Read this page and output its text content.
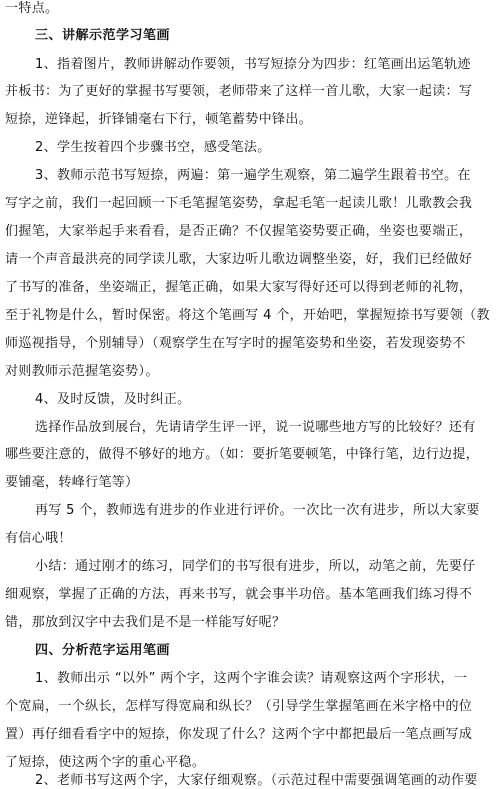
一特点。
三、讲解示范学习笔画
1、指着图片，教师讲解动作要领，书写短捺分为四步：红笔画出运笔轨迹
并板书：为了更好的掌握书写要领，老师带来了这样一首儿歌，大家一起读：写
短捺，逆锋起，折锋铺毫右下行，顿笔蓄势中锋出。
2、学生按着四个步骤书空，感受笔法。
3、教师示范书写短捺，两遍：第一遍学生观察，第二遍学生跟着书空。在
写字之前，我们一起回顾一下毛笔握笔姿势，拿起毛笔一起读儿歌！儿歌教会我
们握笔，大家举起手来看看，是否正确？不仅握笔姿势要正确，坐姿也要端正，
请一个声音最洪亮的同学读儿歌，大家边听儿歌边调整坐姿，好，我们已经做好
了书写的准备，坐姿端正，握笔正确，如果大家写得好还可以得到老师的礼物，
至于礼物是什么，暂时保密。将这个笔画写 4 个，开始吧，掌握短捺书写要领（教
师巡视指导，个别辅导）（观察学生在写字时的握笔姿势和坐姿，若发现姿势不
对则教师示范握笔姿势）。
4、及时反馈，及时纠正。
选择作品放到展台，先请请学生评一评，说一说哪些地方写的比较好？还有
哪些要注意的，做得不够好的地方。（如：要折笔要顿笔，中锋行笔，边行边提，
要铺毫，转峰行笔等）
再写 5 个，教师选有进步的作业进行评价。一次比一次有进步，所以大家要
有信心哦！
小结：通过刚才的练习，同学们的书写很有进步，所以，动笔之前，先要仔
细观察，掌握了正确的方法，再来书写，就会事半功倍。基本笔画我们练习得不
错，那放到汉字中去我们是不是一样能写好呢？
四、分析范字运用笔画
1、教师出示 “以外” 两个字，这两个字谁会读？请观察这两个字形状，一
个宽扁，一个纵长，怎样写得宽扁和纵长？（引导学生掌握笔画在米字格中的位
置）再仔细看看字中的短捺，你发现了什么？这两个字中都把最后一笔点画写成
了短捺，使这两个字的重心平稳。
2、老师书写这两个字，大家仔细观察。（示范过程中需要强调笔画的动作要
